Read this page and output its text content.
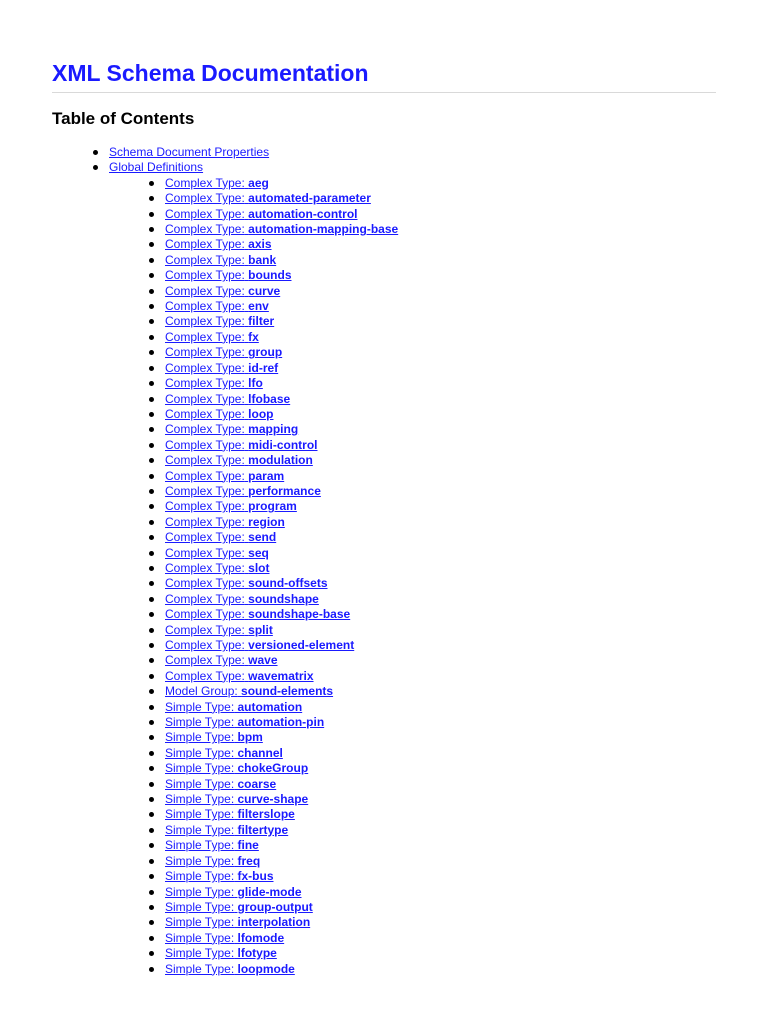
XML Schema Documentation
Table of Contents
Schema Document Properties
Global Definitions
Complex Type: aeg
Complex Type: automated-parameter
Complex Type: automation-control
Complex Type: automation-mapping-base
Complex Type: axis
Complex Type: bank
Complex Type: bounds
Complex Type: curve
Complex Type: env
Complex Type: filter
Complex Type: fx
Complex Type: group
Complex Type: id-ref
Complex Type: lfo
Complex Type: lfobase
Complex Type: loop
Complex Type: mapping
Complex Type: midi-control
Complex Type: modulation
Complex Type: param
Complex Type: performance
Complex Type: program
Complex Type: region
Complex Type: send
Complex Type: seq
Complex Type: slot
Complex Type: sound-offsets
Complex Type: soundshape
Complex Type: soundshape-base
Complex Type: split
Complex Type: versioned-element
Complex Type: wave
Complex Type: wavematrix
Model Group: sound-elements
Simple Type: automation
Simple Type: automation-pin
Simple Type: bpm
Simple Type: channel
Simple Type: chokeGroup
Simple Type: coarse
Simple Type: curve-shape
Simple Type: filterslope
Simple Type: filtertype
Simple Type: fine
Simple Type: freq
Simple Type: fx-bus
Simple Type: glide-mode
Simple Type: group-output
Simple Type: interpolation
Simple Type: lfomode
Simple Type: lfotype
Simple Type: loopmode
